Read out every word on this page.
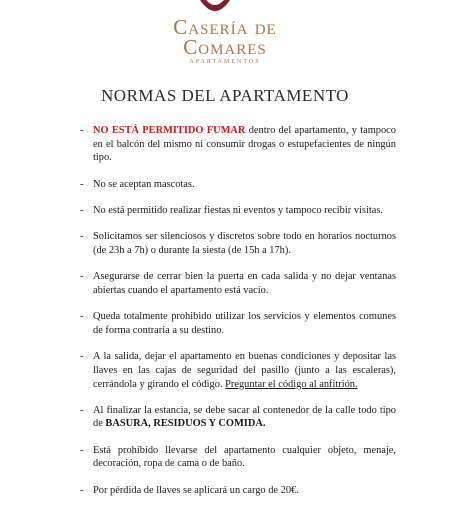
Casería de
Comares
APARTAMENTOS
NORMAS DEL APARTAMENTO
- NO ESTÁ PERMITIDO FUMAR dentro del apartamento, y tampoco en el balcón del mismo ni consumir drogas o estupefacientes de ningún tipo.
- No se aceptan mascotas.
- No está permitido realizar fiestas ni eventos y tampoco recibir visitas.
- Solicitamos ser silenciosos y discretos sobre todo en horarios nocturnos (de 23h a 7h) o durante la siesta (de 15h a 17h).
- Asegurarse de cerrar bien la puerta en cada salida y no dejar ventanas abiertas cuando el apartamento está vacío.
- Queda totalmente prohibido utilizar los servicios y elementos comunes de forma contraria a su destino.
- A la salida, dejar el apartamento en buenas condiciones y depositar las llaves en las cajas de seguridad del pasillo (junto a las escaleras), cerrándola y girando el código. Preguntar el código al anfitrión.
- Al finalizar la estancia, se debe sacar al contenedor de la calle todo tipo de BASURA, RESIDUOS Y COMIDA.
- Está prohibido llevarse del apartamento cualquier objeto, menaje, decoración, ropa de cama o de baño.
- Por pérdida de llaves se aplicará un cargo de 20€.
